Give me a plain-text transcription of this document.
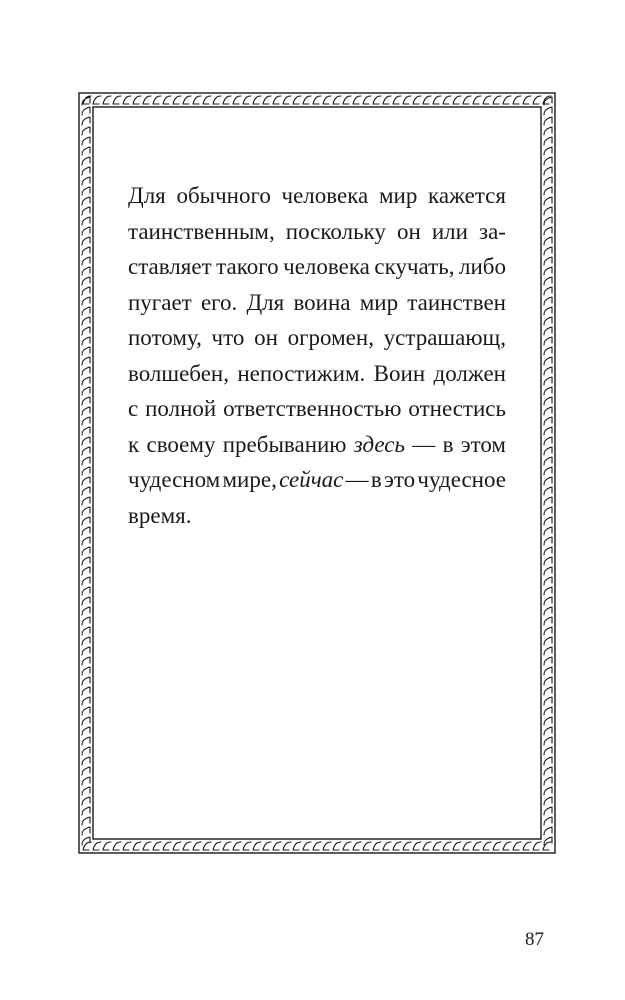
Для обычного человека мир кажется
таинственным, поскольку он или за-
ставляет такого человека скучать, либо
пугает его. Для воина мир таинствен
потому, что он огромен, устрашающ,
волшебен, непостижим. Воин должен
с полной ответственностью отнестись
к своему пребыванию здесь — в этом
чудесном мире, сейчас — в это чудесное
время.
87
